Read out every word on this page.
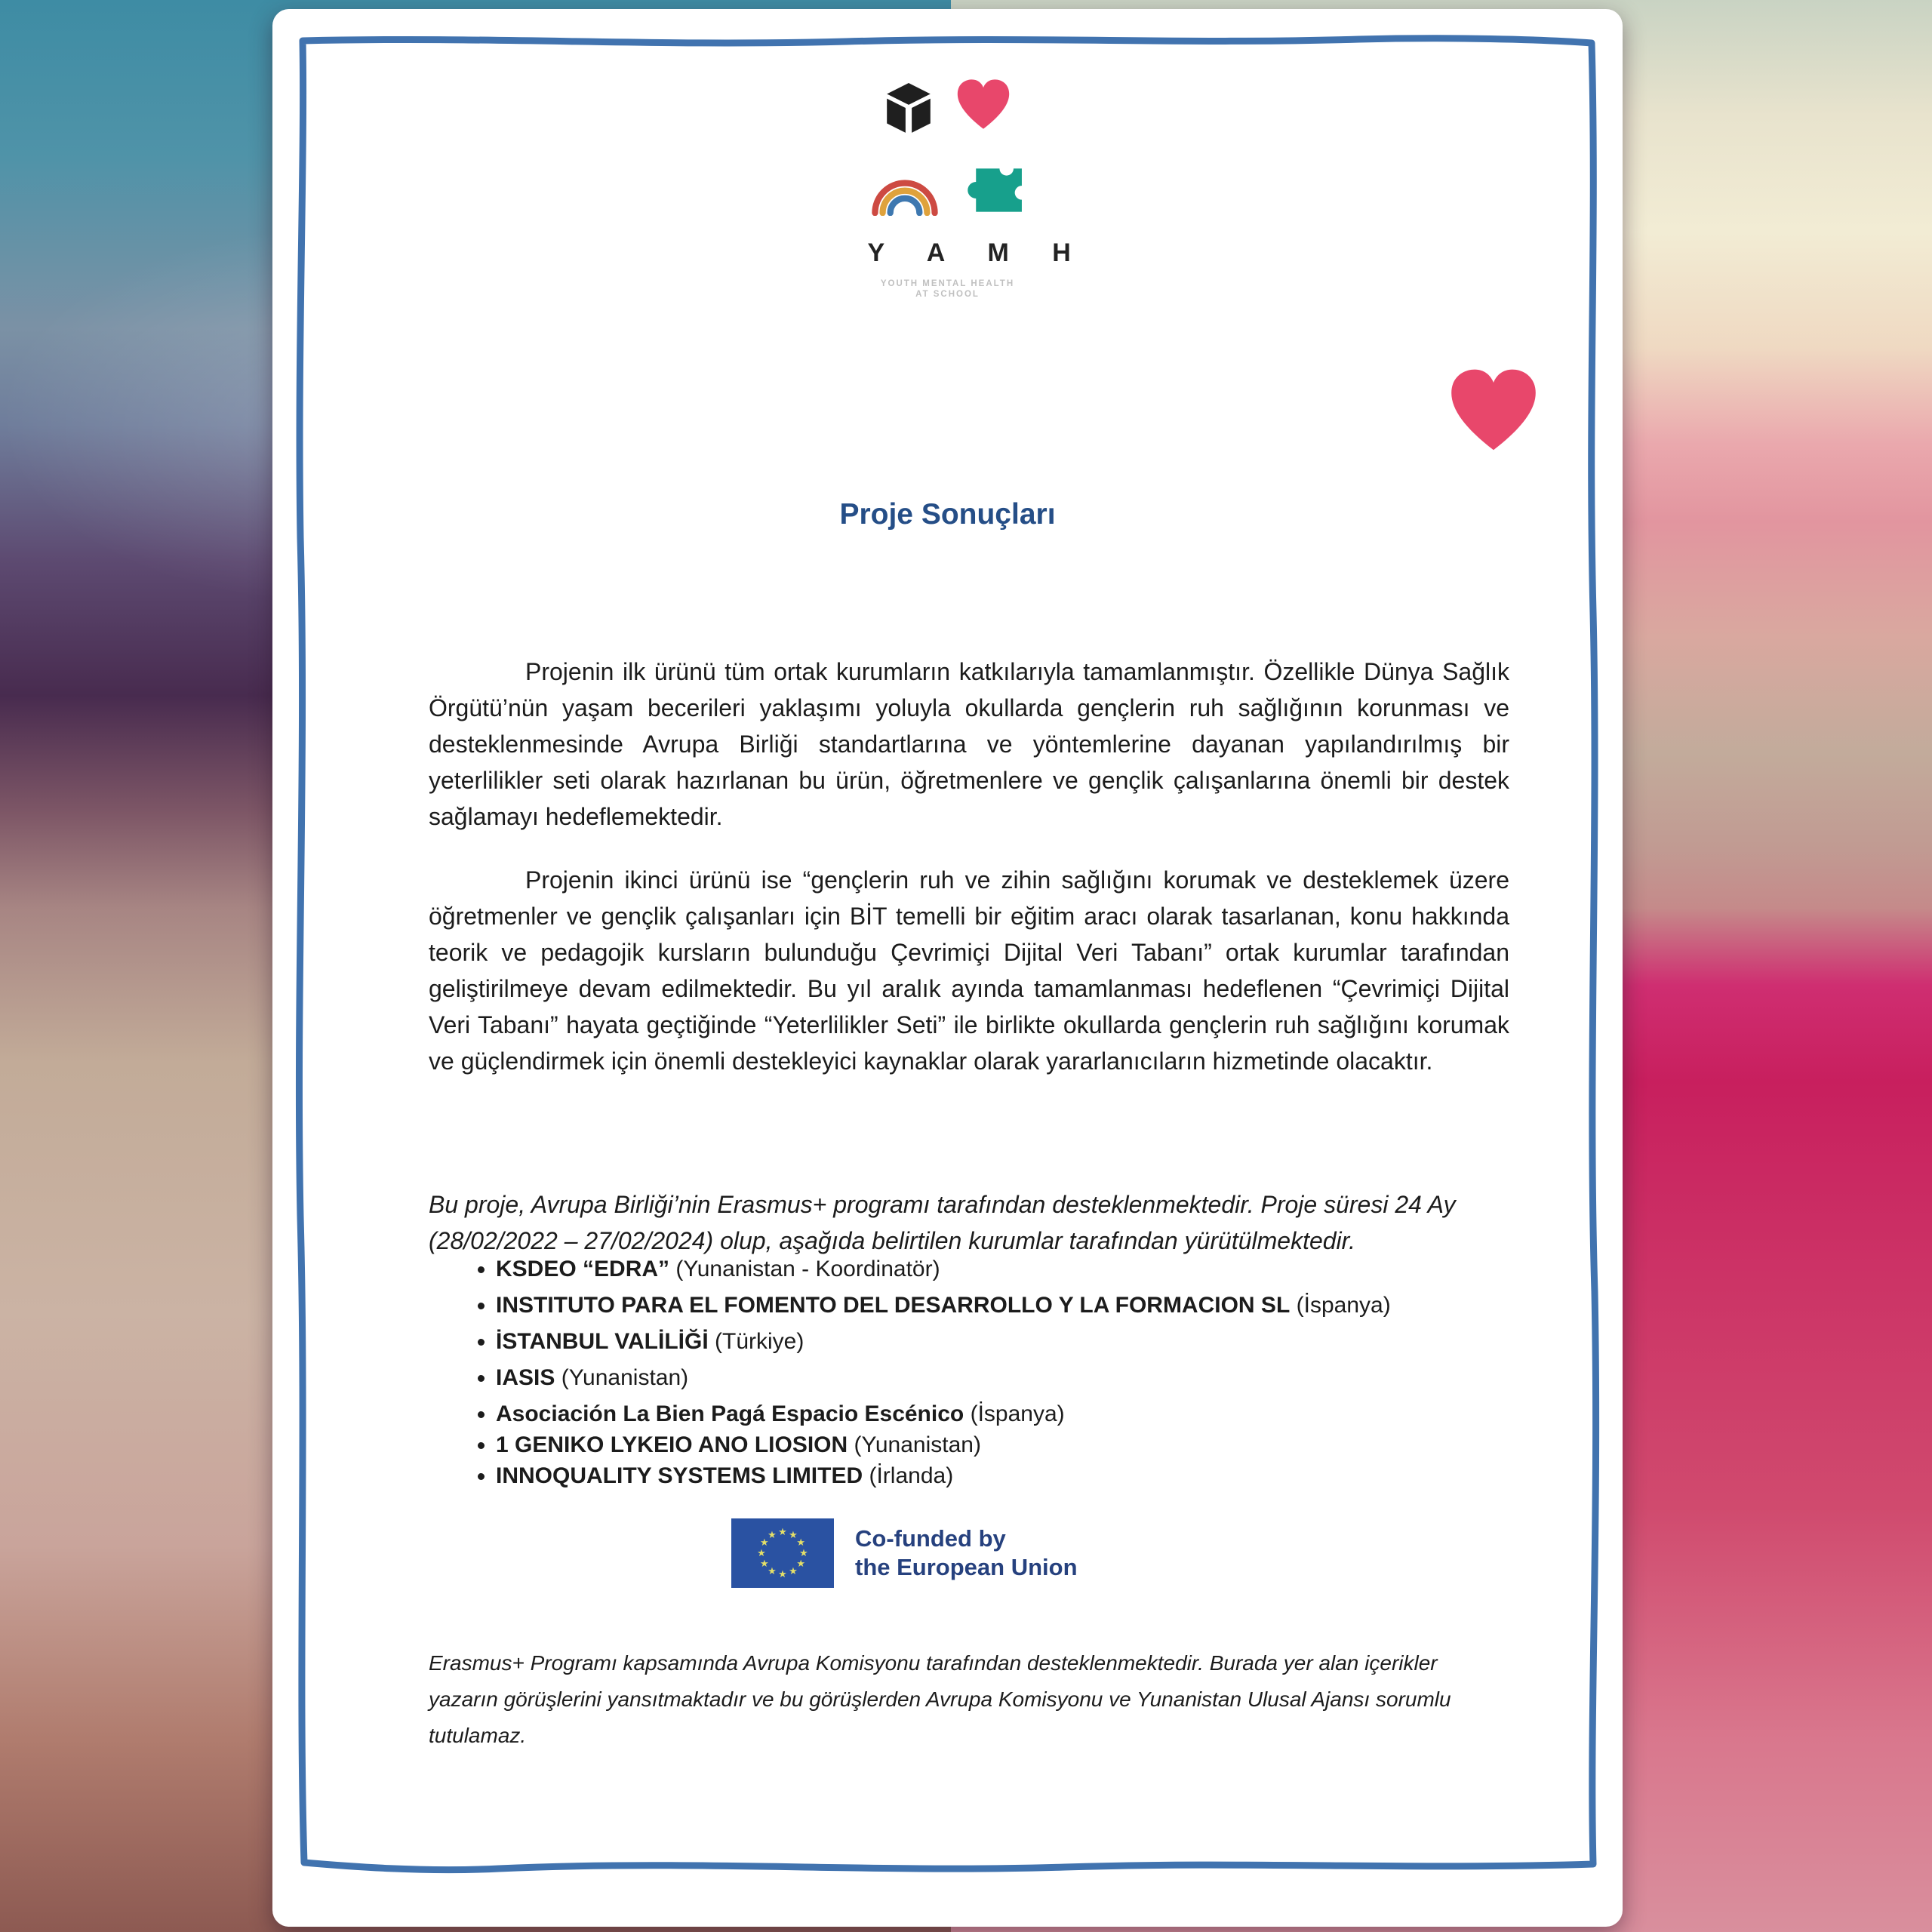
Y A M H
YOUTH MENTAL HEALTH
AT SCHOOL
Proje Sonuçları

Projenin ilk ürünü tüm ortak kurumların katkılarıyla tamamlanmıştır. Özellikle Dünya Sağlık Örgütü’nün yaşam becerileri yaklaşımı yoluyla okullarda gençlerin ruh sağlığının korunması ve desteklenmesinde Avrupa Birliği standartlarına ve yöntemlerine dayanan yapılandırılmış bir yeterlilikler seti olarak hazırlanan bu ürün, öğretmenlere ve gençlik çalışanlarına önemli bir destek sağlamayı hedeflemektedir.

Projenin ikinci ürünü ise “gençlerin ruh ve zihin sağlığını korumak ve desteklemek üzere öğretmenler ve gençlik çalışanları için BİT temelli bir eğitim aracı olarak tasarlanan, konu hakkında teorik ve pedagojik kursların bulunduğu Çevrimiçi Dijital Veri Tabanı” ortak kurumlar tarafından geliştirilmeye devam edilmektedir. Bu yıl aralık ayında tamamlanması hedeflenen “Çevrimiçi Dijital Veri Tabanı” hayata geçtiğinde “Yeterlilikler Seti” ile birlikte okullarda gençlerin ruh sağlığını korumak ve güçlendirmek için önemli destekleyici kaynaklar olarak yararlanıcıların hizmetinde olacaktır.

Bu proje, Avrupa Birliği’nin Erasmus+ programı tarafından desteklenmektedir. Proje süresi 24 Ay (28/02/2022 – 27/02/2024) olup, aşağıda belirtilen kurumlar tarafından yürütülmektedir.

• KSDEO “EDRA” (Yunanistan - Koordinatör)
• INSTITUTO PARA EL FOMENTO DEL DESARROLLO Y LA FORMACION SL (İspanya)
• İSTANBUL VALİLİĞİ (Türkiye)
• IASIS (Yunanistan)
• Asociación La Bien Pagá Espacio Escénico (İspanya)
• 1 GENIKO LYKEIO ANO LIOSION (Yunanistan)
• INNOQUALITY SYSTEMS LIMITED (İrlanda)
★ ★
★
★
★
★
★
★
★
★
★
★	Co-funded by
the European Union

Erasmus+ Programı kapsamında Avrupa Komisyonu tarafından desteklenmektedir. Burada yer alan içerikler yazarın görüşlerini yansıtmaktadır ve bu görüşlerden Avrupa Komisyonu ve Yunanistan Ulusal Ajansı sorumlu tutulamaz.
